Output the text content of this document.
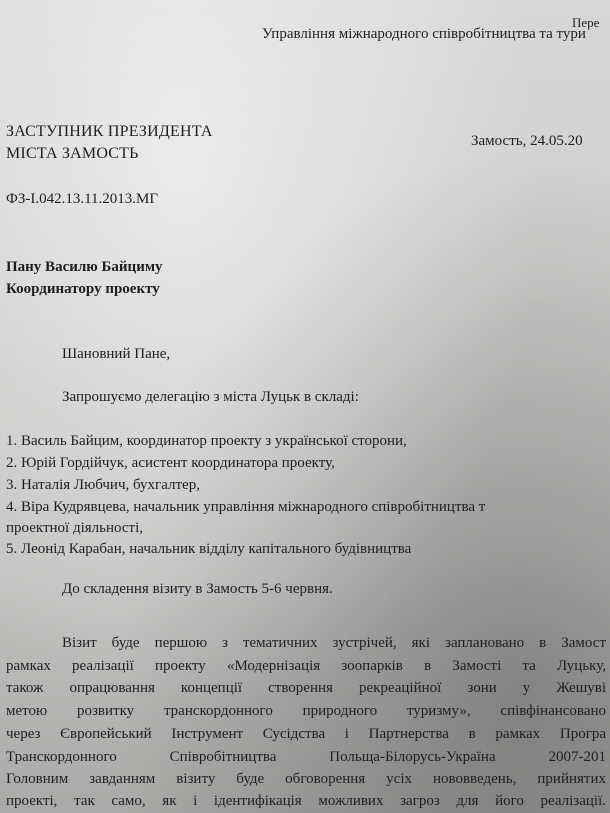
Пере
Управління міжнародного співробітництва та тури
ЗАСТУПНИК ПРЕЗИДЕНТА
МІСТА ЗАМОСТЬ
Замость, 24.05.20
ФЗ-І.042.13.11.2013.МГ
Пану Василю Байциму
Координатору проекту
Шановний Пане,
Запрошуємо делегацію з міста Луцьк в складі:
1. Василь Байцим, координатор проекту з української сторони,
2. Юрій Гордійчук, асистент координатора проекту,
3. Наталія Любчич, бухгалтер,
4. Віра Кудрявцева, начальник управління міжнародного співробітництва т
проектної діяльності,
5. Леонід Карабан, начальник відділу капітального будівництва
До складення візиту в Замость 5-6 червня.
Візит буде першою з тематичних зустрічей, які заплановано в Замост
рамках реалізації проекту «Модернізація зоопарків в Замості та Луцьку,
також опрацювання концепції створення рекреаційної зони у Жешуві
метою розвитку транскордонного природного туризму», співфінансовано
через Європейський Інструмент Сусідства і Партнерства в рамках Програ
Транскордонного Співробітництва Польща-Білорусь-Україна 2007-201
Головним завданням візиту буде обговорення усіх нововведень, прийнятих
проекті, так само, як і ідентифікація можливих загроз для його реалізації.
